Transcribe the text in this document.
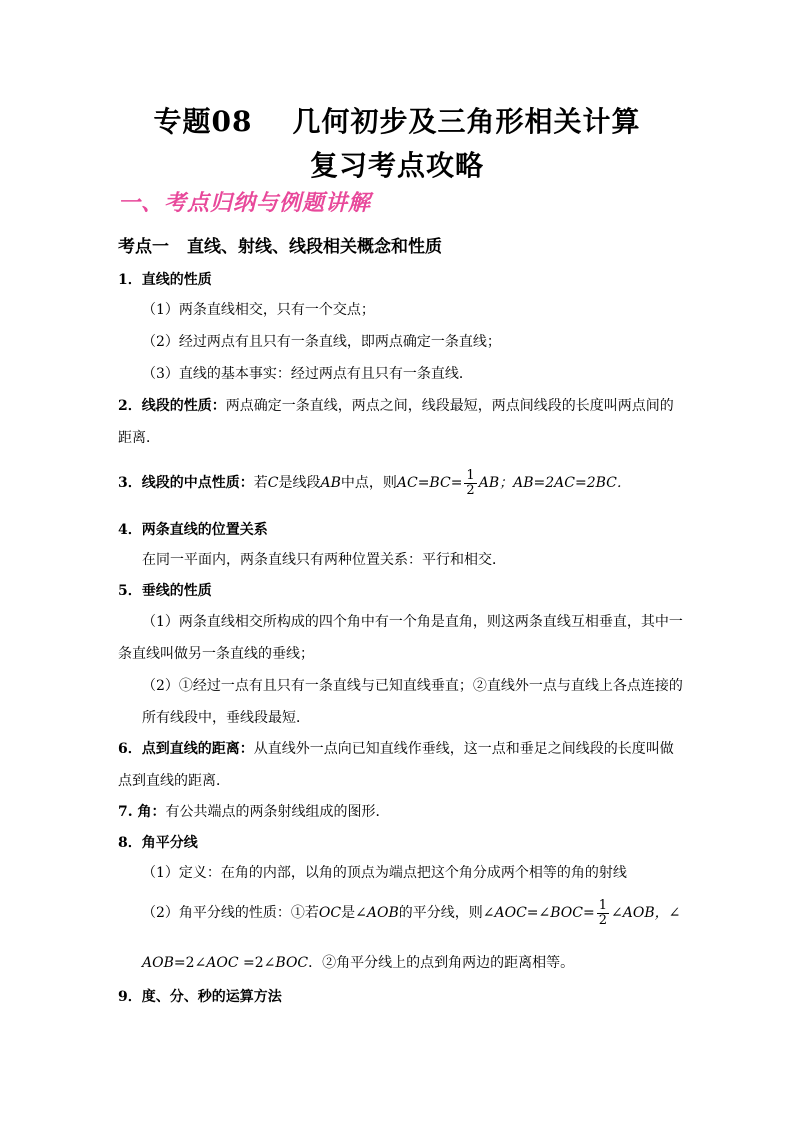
专题08 几何初步及三角形相关计算
复习考点攻略
一、考点归纳与例题讲解
考点一 直线、射线、线段相关概念和性质
1．直线的性质
（1）两条直线相交，只有一个交点；
（2）经过两点有且只有一条直线，即两点确定一条直线；
（3）直线的基本事实：经过两点有且只有一条直线．
2．线段的性质：两点确定一条直线，两点之间，线段最短，两点间线段的长度叫两点间的
距离．
3．线段的中点性质：若C是线段AB中点，则$AC=BC= \frac{1}{2}$ AB；AB=2AC=2BC．
4．两条直线的位置关系
在同一平面内，两条直线只有两种位置关系：平行和相交．
5．垂线的性质
（1）两条直线相交所构成的四个角中有一个角是直角，则这两条直线互相垂直，其中一
条直线叫做另一条直线的垂线；
（2）①经过一点有且只有一条直线与已知直线垂直；②直线外一点与直线上各点连接的
所有线段中，垂线段最短．
6．点到直线的距离：从直线外一点向已知直线作垂线，这一点和垂足之间线段的长度叫做
点到直线的距离．
7. 角：有公共端点的两条射线组成的图形．
8．角平分线
（1）定义：在角的内部，以角的顶点为端点把这个角分成两个相等的角的射线
（2）角平分线的性质：①若OC是∠AOB的平分线，则∠AOC=∠BOC= $\frac{1}{2}$ ∠AOB，∠
AOB=2∠AOC =2∠BOC．②角平分线上的点到角两边的距离相等。
9．度、分、秒的运算方法
